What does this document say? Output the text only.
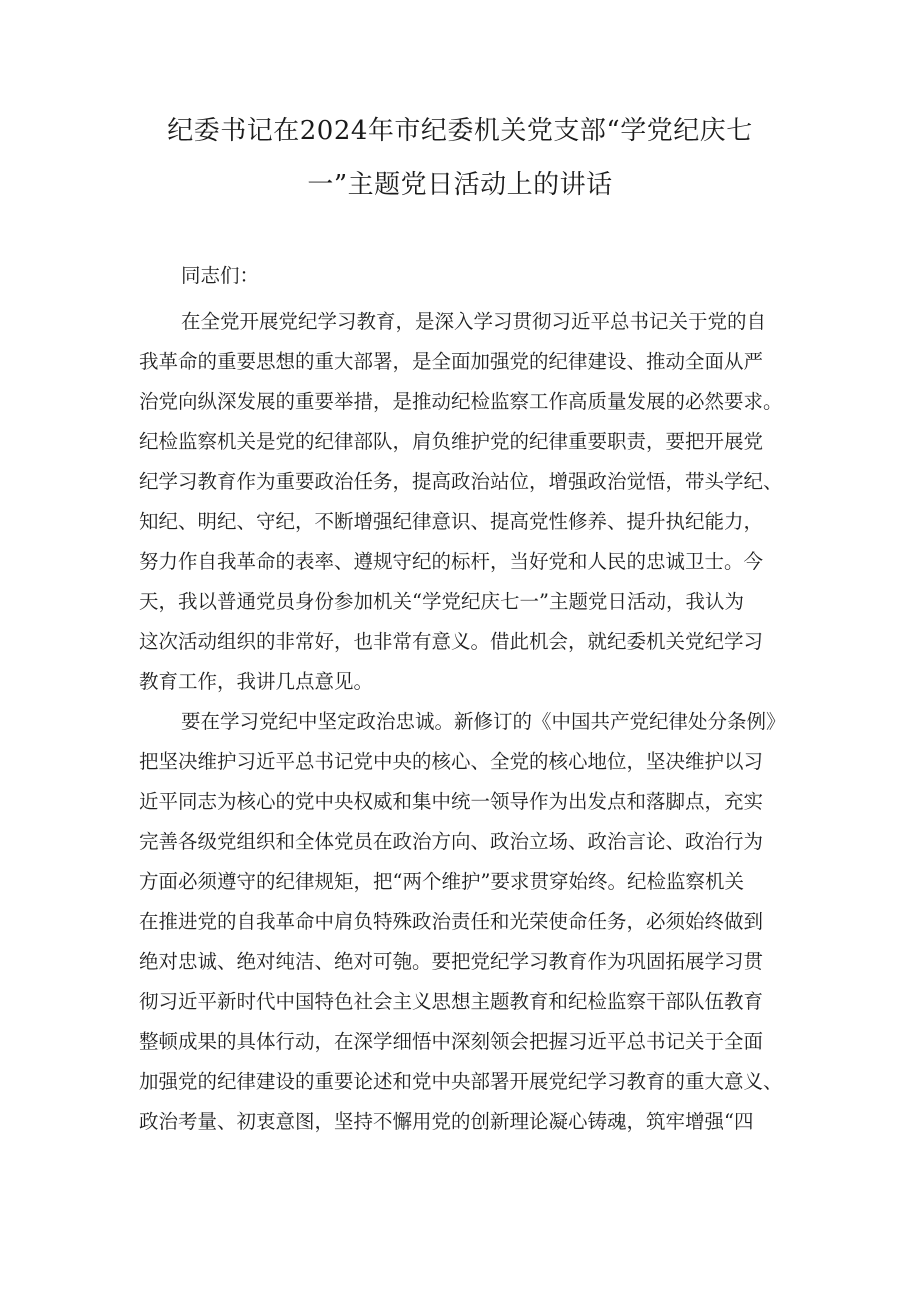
纪委书记在2024年市纪委机关党支部“学党纪庆七
一”主题党日活动上的讲话
同志们：
在全党开展党纪学习教育，是深入学习贯彻习近平总书记关于党的自
我革命的重要思想的重大部署，是全面加强党的纪律建设、推动全面从严
治党向纵深发展的重要举措，是推动纪检监察工作高质量发展的必然要求。
纪检监察机关是党的纪律部队，肩负维护党的纪律重要职责，要把开展党
纪学习教育作为重要政治任务，提高政治站位，增强政治觉悟，带头学纪、
知纪、明纪、守纪，不断增强纪律意识、提高党性修养、提升执纪能力，
努力作自我革命的表率、遵规守纪的标杆，当好党和人民的忠诚卫士。今
天，我以普通党员身份参加机关“学党纪庆七一”主题党日活动，我认为
这次活动组织的非常好，也非常有意义。借此机会，就纪委机关党纪学习
教育工作，我讲几点意见。
要在学习党纪中坚定政治忠诚。新修订的《中国共产党纪律处分条例》
把坚决维护习近平总书记党中央的核心、全党的核心地位，坚决维护以习
近平同志为核心的党中央权威和集中统一领导作为出发点和落脚点，充实
完善各级党组织和全体党员在政治方向、政治立场、政治言论、政治行为
方面必须遵守的纪律规矩，把“两个维护”要求贯穿始终。纪检监察机关
在推进党的自我革命中肩负特殊政治责任和光荣使命任务，必须始终做到
绝对忠诚、绝对纯洁、绝对可匏。要把党纪学习教育作为巩固拓展学习贯
彻习近平新时代中国特色社会主义思想主题教育和纪检监察干部队伍教育
整顿成果的具体行动，在深学细悟中深刻领会把握习近平总书记关于全面
加强党的纪律建设的重要论述和党中央部署开展党纪学习教育的重大意义、
政治考量、初衷意图，坚持不懈用党的创新理论凝心铸魂，筑牢增强“四
